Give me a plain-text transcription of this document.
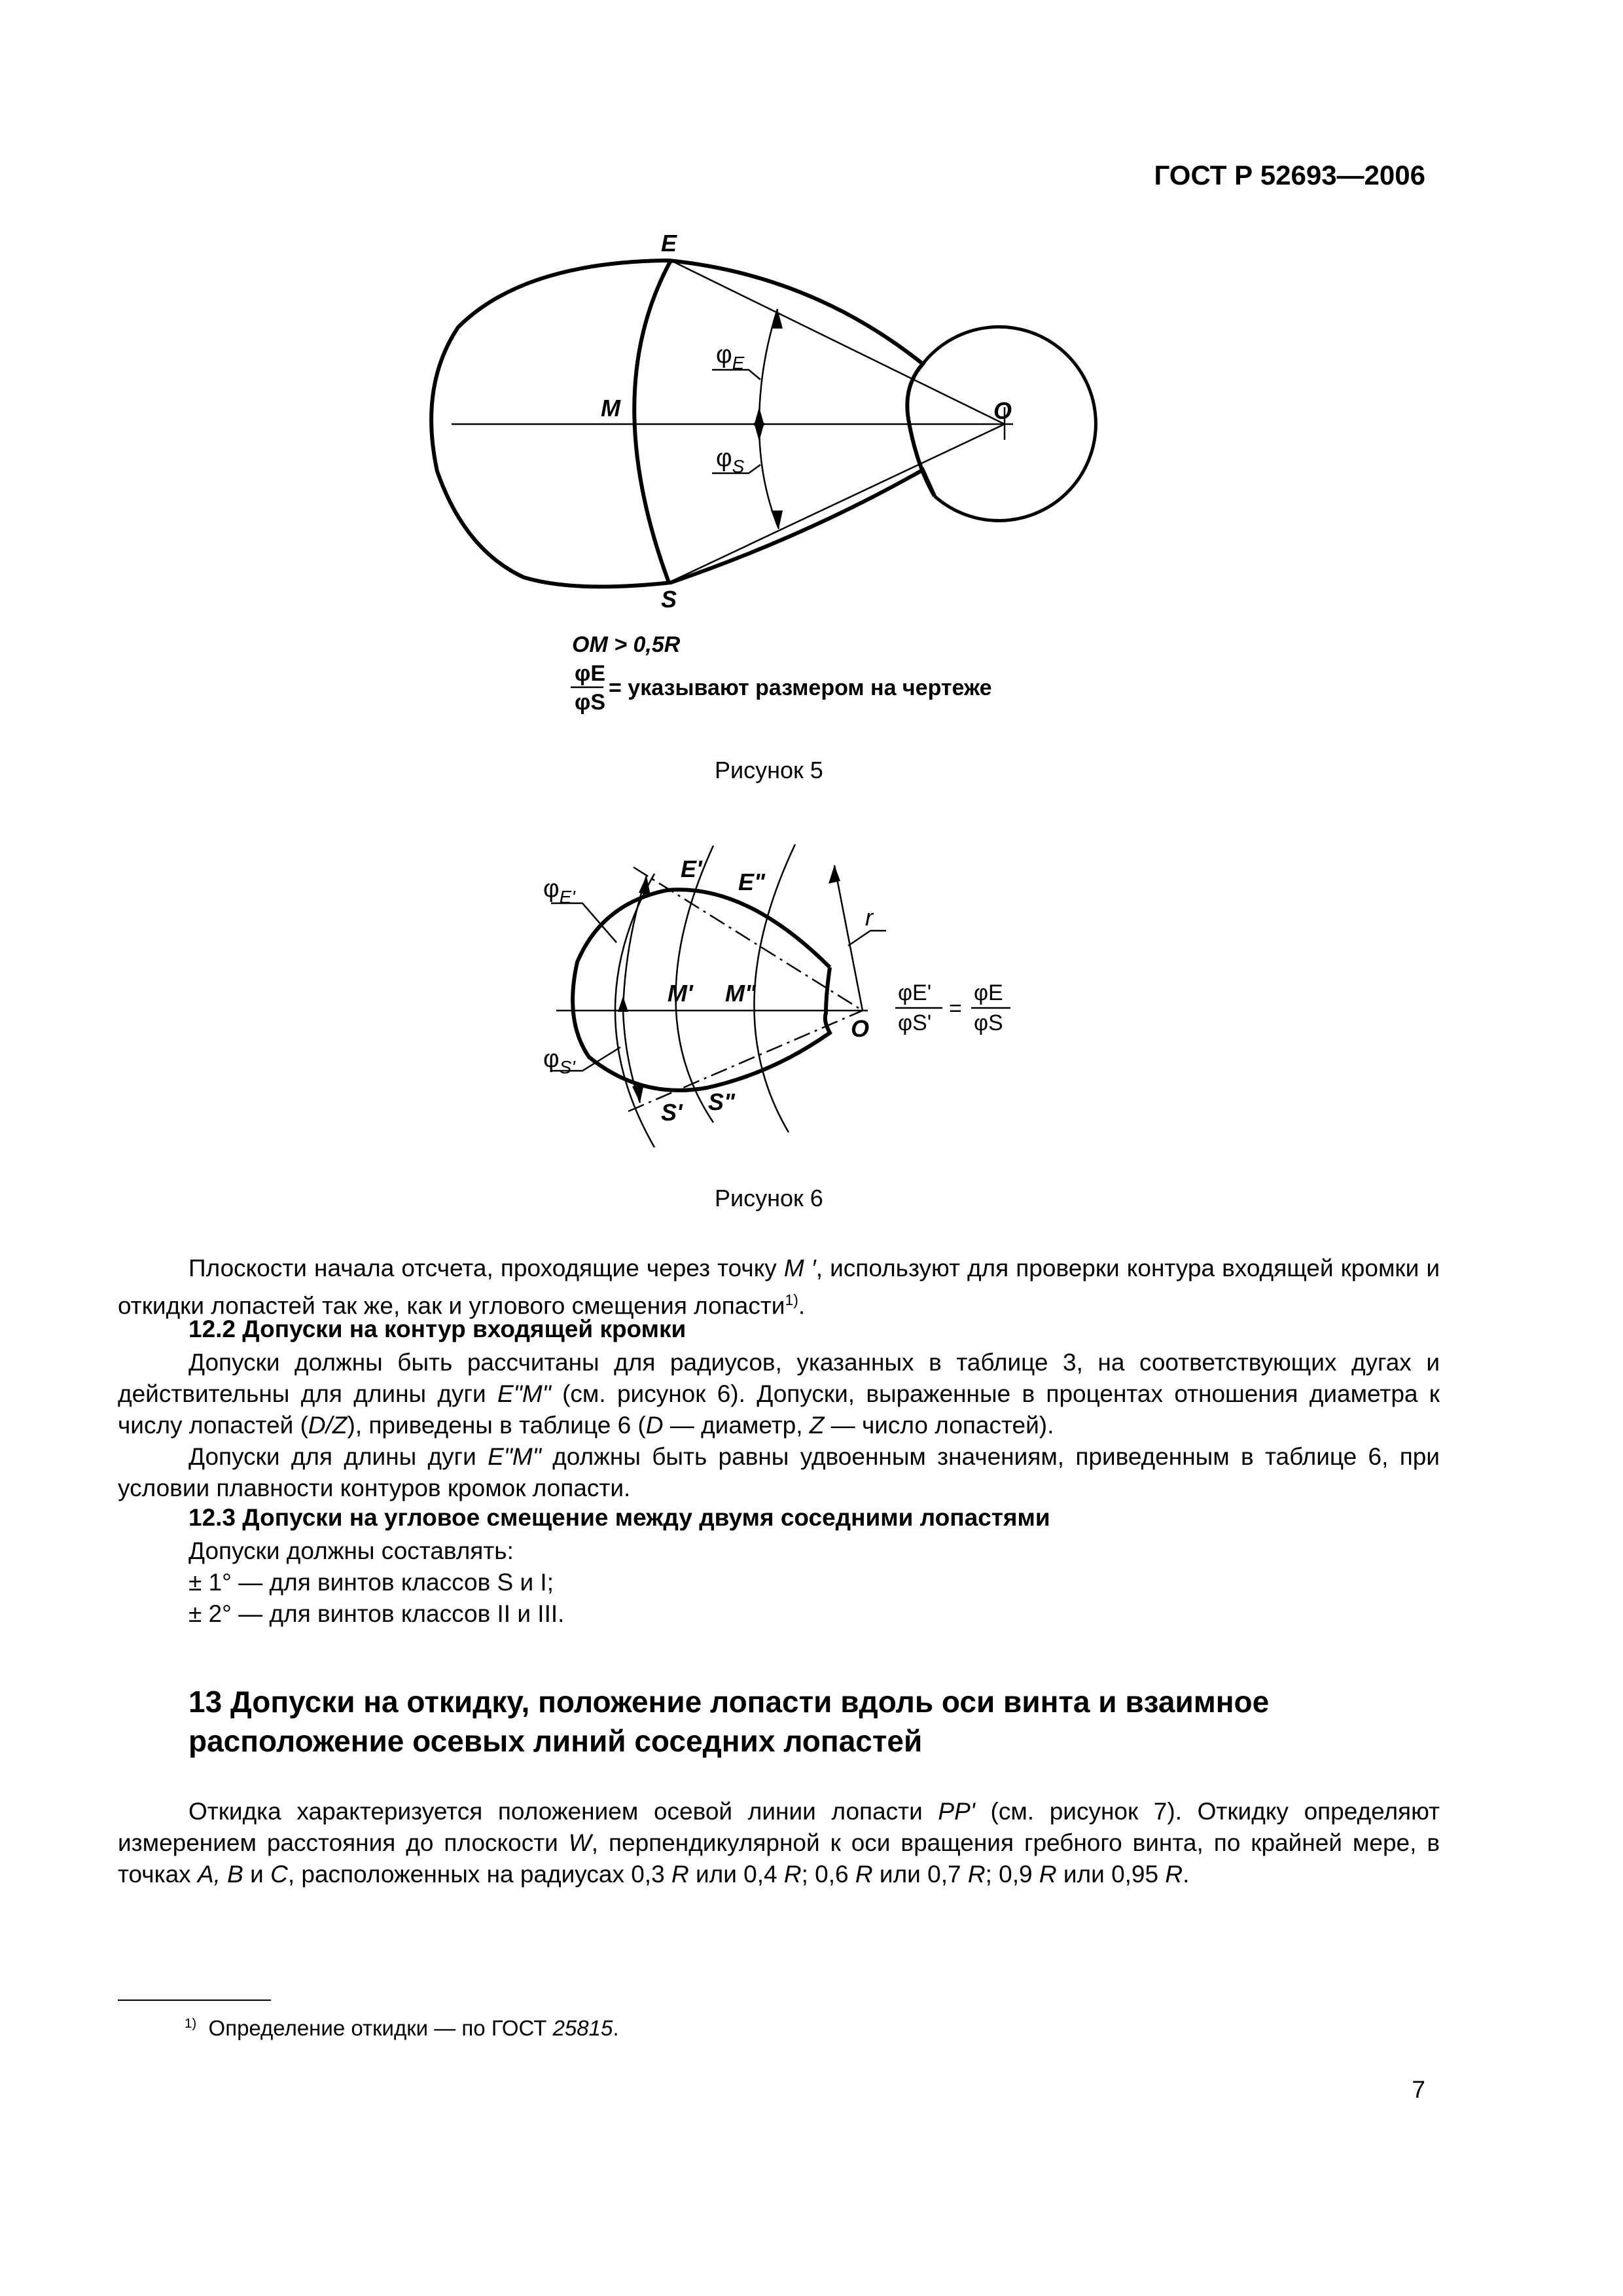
ГОСТ Р 52693—2006
E
M	O
S
$\varphi_E$
$\varphi_S$
OM > 0,5R
φE
φS
= указывают размером на чертеже
Рисунок 5
E' E"
M' M"
S' S"
O
r
$\varphi_{E'}$
$\varphi_{S'}$
φE'
φS'
=
φE
φS
Рисунок 6
Плоскости начала отсчета, проходящие через точку M ′, используют для проверки контура входящей кромки и откидки лопастей так же, как и углового смещения лопасти$^{1)}$.
12.2 Допуски на контур входящей кромки
Допуски должны быть рассчитаны для радиусов, указанных в таблице 3, на соответствующих дугах и действительны для длины дуги E"M" (см. рисунок 6). Допуски, выраженные в процентах отношения диаметра к числу лопастей (D/Z), приведены в таблице 6 (D — диаметр, Z — число лопастей).
Допуски для длины дуги E"M" должны быть равны удвоенным значениям, приведенным в таблице 6, при условии плавности контуров кромок лопасти.
12.3 Допуски на угловое смещение между двумя соседними лопастями
Допуски должны составлять:
± 1° — для винтов классов S и I;
± 2° — для винтов классов II и III.
13 Допуски на откидку, положение лопасти вдоль оси винта и взаимное
расположение осевых линий соседних лопастей
Откидка характеризуется положением осевой линии лопасти PP' (см. рисунок 7). Откидку определяют измерением расстояния до плоскости W, перпендикулярной к оси вращения гребного винта, по крайней мере, в точках A, B и C, расположенных на радиусах 0,3 R или 0,4 R; 0,6 R или 0,7 R; 0,9 R или 0,95 R.
$^{1)}$ Определение откидки — по ГОСТ 25815.
7
